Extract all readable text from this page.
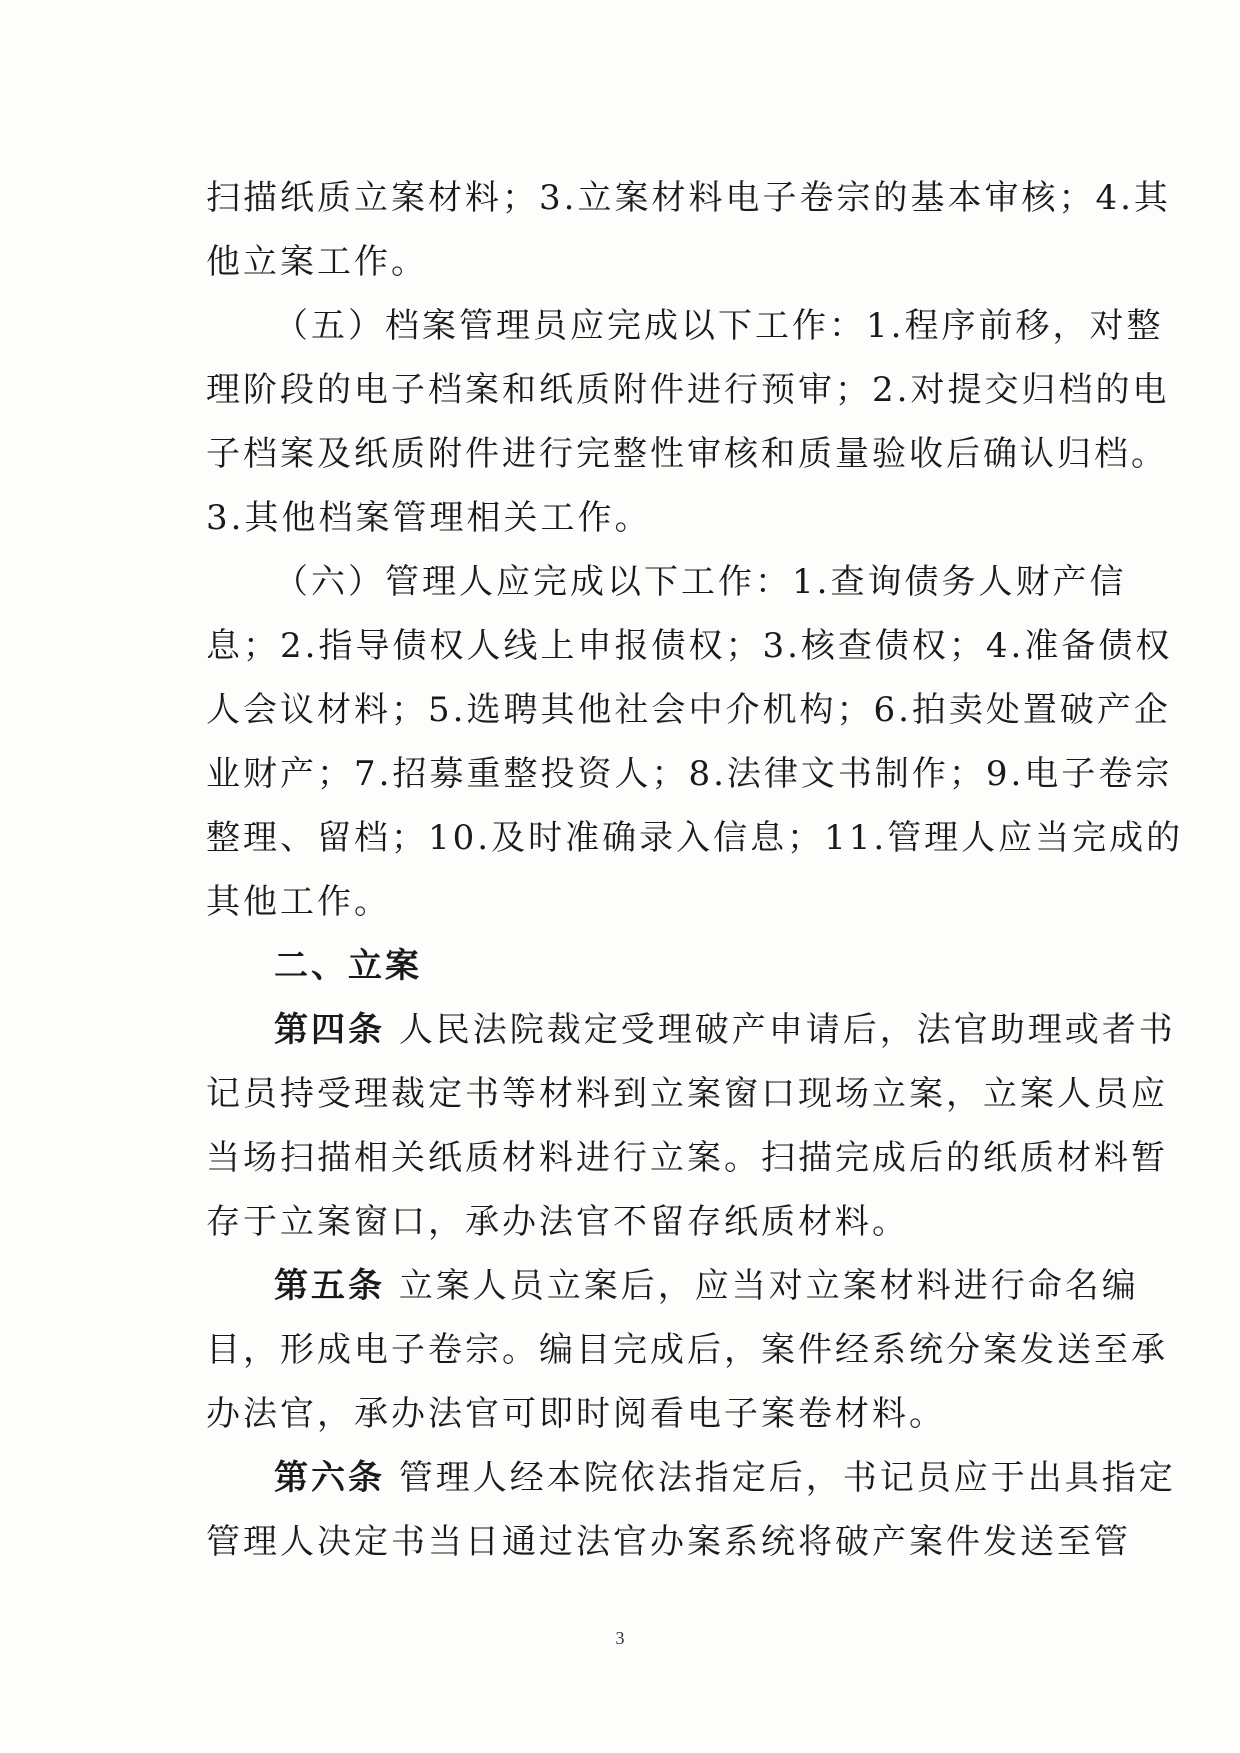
扫描纸质立案材料；3.立案材料电子卷宗的基本审核；4.其
他立案工作。
（五）档案管理员应完成以下工作：1.程序前移，对整
理阶段的电子档案和纸质附件进行预审；2.对提交归档的电
子档案及纸质附件进行完整性审核和质量验收后确认归档。
3.其他档案管理相关工作。
（六）管理人应完成以下工作：1.查询债务人财产信
息；2.指导债权人线上申报债权；3.核查债权；4.准备债权
人会议材料；5.选聘其他社会中介机构；6.拍卖处置破产企
业财产；7.招募重整投资人；8.法律文书制作；9.电子卷宗
整理、留档；10.及时准确录入信息；11.管理人应当完成的
其他工作。
二、立案
第四条 人民法院裁定受理破产申请后，法官助理或者书
记员持受理裁定书等材料到立案窗口现场立案，立案人员应
当场扫描相关纸质材料进行立案。扫描完成后的纸质材料暂
存于立案窗口，承办法官不留存纸质材料。
第五条 立案人员立案后，应当对立案材料进行命名编
目，形成电子卷宗。编目完成后，案件经系统分案发送至承
办法官，承办法官可即时阅看电子案卷材料。
第六条 管理人经本院依法指定后，书记员应于出具指定
管理人决定书当日通过法官办案系统将破产案件发送至管
3
